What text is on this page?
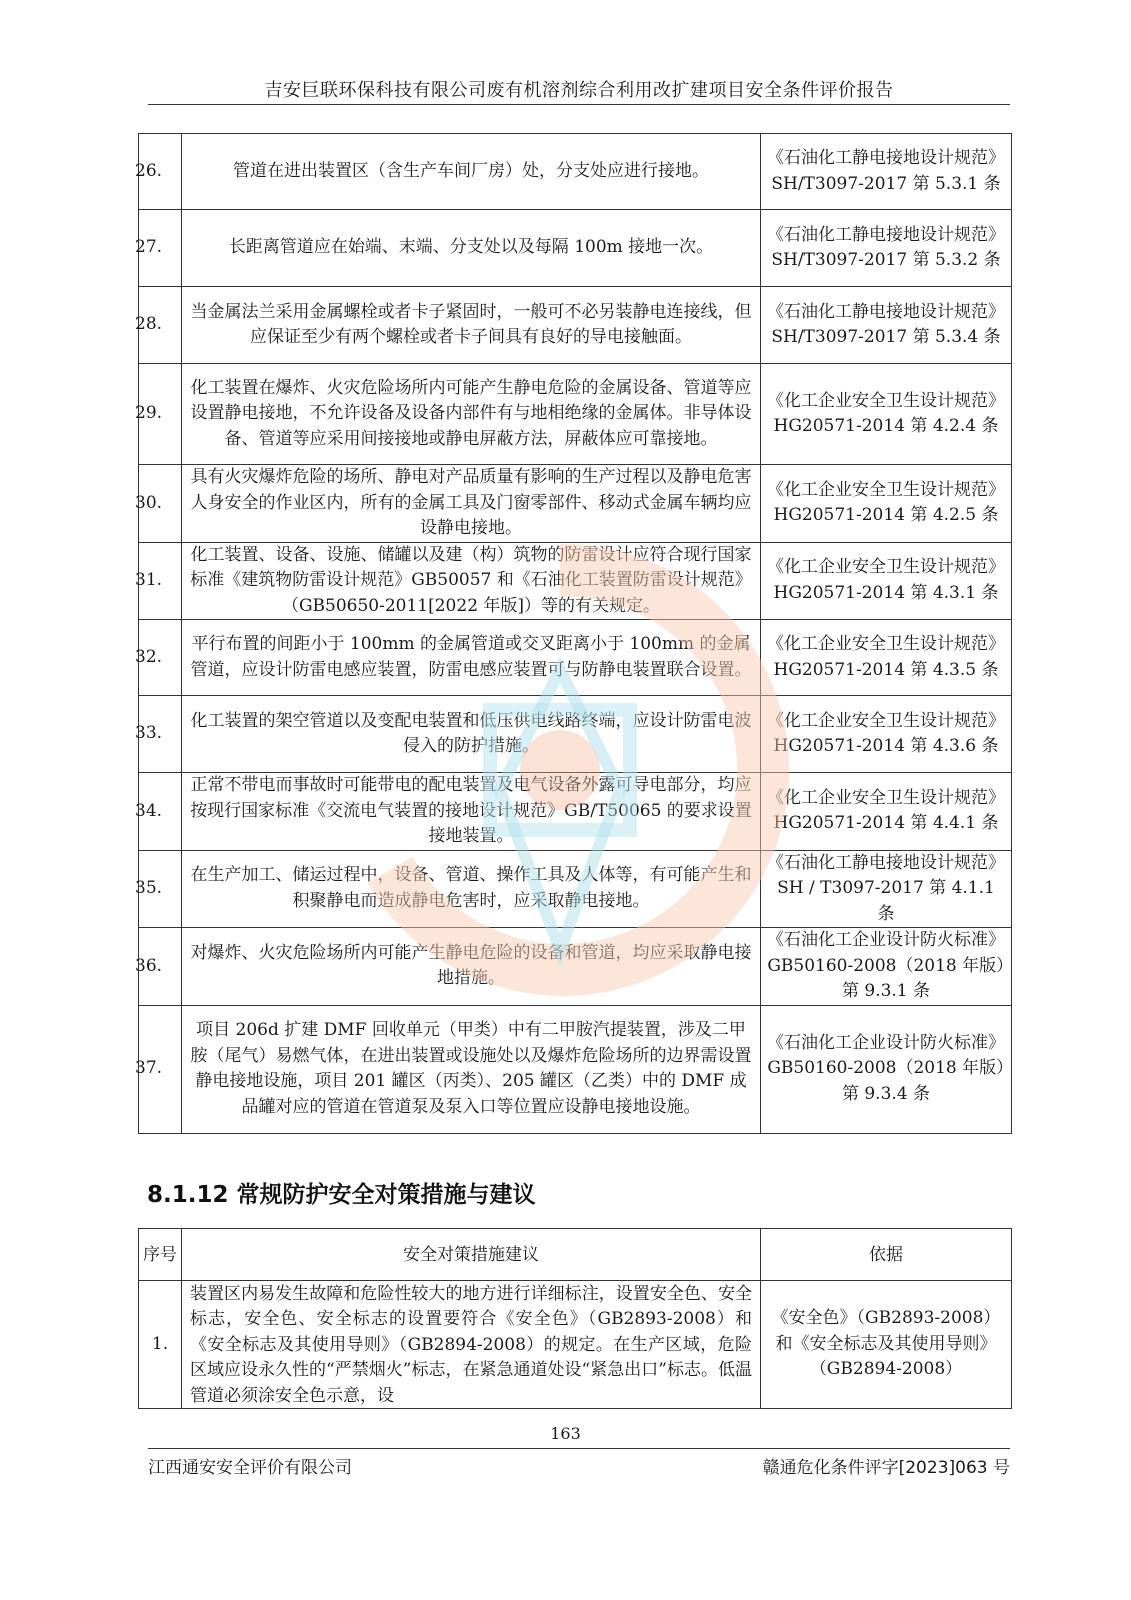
吉安巨联环保科技有限公司废有机溶剂综合利用改扩建项目安全条件评价报告
26.	管道在进出装置区（含生产车间厂房）处，分支处应进行接地。	《石油化工静电接地设计规范》SH/T3097-2017 第 5.3.1 条

27.	长距离管道应在始端、末端、分支处以及每隔 100m 接地一次。	《石油化工静电接地设计规范》SH/T3097-2017 第 5.3.2 条

28.	当金属法兰采用金属螺栓或者卡子紧固时，一般可不必另装静电连接线，但应保证至少有两个螺栓或者卡子间具有良好的导电接触面。	《石油化工静电接地设计规范》SH/T3097-2017 第 5.3.4 条

29.	化工装置在爆炸、火灾危险场所内可能产生静电危险的金属设备、管道等应设置静电接地，不允许设备及设备内部件有与地相绝缘的金属体。非导体设备、管道等应采用间接接地或静电屏蔽方法，屏蔽体应可靠接地。	《化工企业安全卫生设计规范》HG20571-2014 第 4.2.4 条

30.	具有火灾爆炸危险的场所、静电对产品质量有影响的生产过程以及静电危害人身安全的作业区内，所有的金属工具及门窗零部件、移动式金属车辆均应设静电接地。	《化工企业安全卫生设计规范》HG20571-2014 第 4.2.5 条

31.	化工装置、设备、设施、储罐以及建（构）筑物的防雷设计应符合现行国家标准《建筑物防雷设计规范》GB50057 和《石油化工装置防雷设计规范》（GB50650-2011[2022 年版]）等的有关规定。	《化工企业安全卫生设计规范》HG20571-2014 第 4.3.1 条

32.	平行布置的间距小于 100mm 的金属管道或交叉距离小于 100mm 的金属管道，应设计防雷电感应装置，防雷电感应装置可与防静电装置联合设置。	《化工企业安全卫生设计规范》HG20571-2014 第 4.3.5 条

33.	化工装置的架空管道以及变配电装置和低压供电线路终端，应设计防雷电波侵入的防护措施。	《化工企业安全卫生设计规范》HG20571-2014 第 4.3.6 条

34.	正常不带电而事故时可能带电的配电装置及电气设备外露可导电部分，均应按现行国家标准《交流电气装置的接地设计规范》GB/T50065 的要求设置接地装置。	《化工企业安全卫生设计规范》HG20571-2014 第 4.4.1 条

35.	在生产加工、储运过程中，设备、管道、操作工具及人体等，有可能产生和积聚静电而造成静电危害时，应采取静电接地。	《石油化工静电接地设计规范》SH / T3097-2017 第 4.1.1 条

36.	对爆炸、火灾危险场所内可能产生静电危险的设备和管道，均应采取静电接地措施。	《石油化工企业设计防火标准》GB50160-2008（2018 年版）第 9.3.1 条

37.	项目 206d 扩建 DMF 回收单元（甲类）中有二甲胺汽提装置，涉及二甲胺（尾气）易燃气体，在进出装置或设施处以及爆炸危险场所的边界需设置静电接地设施，项目 201 罐区（丙类）、205 罐区（乙类）中的 DMF 成品罐对应的管道在管道泵及泵入口等位置应设静电接地设施。	《石油化工企业设计防火标准》GB50160-2008（2018 年版）第 9.3.4 条
8.1.12 常规防护安全对策措施与建议
序号	安全对策措施建议	依据
1.	装置区内易发生故障和危险性较大的地方进行详细标注，设置安全色、安全标志，安全色、安全标志的设置要符合《安全色》（GB2893-2008）和《安全标志及其使用导则》（GB2894-2008）的规定。在生产区域，危险区域应设永久性的“严禁烟火”标志，在紧急通道处设“紧急出口”标志。低温管道必须涂安全色示意，设	《安全色》（GB2893-2008）和《安全标志及其使用导则》（GB2894-2008）
163
江西通安安全评价有限公司	赣通危化条件评字[2023]063 号
